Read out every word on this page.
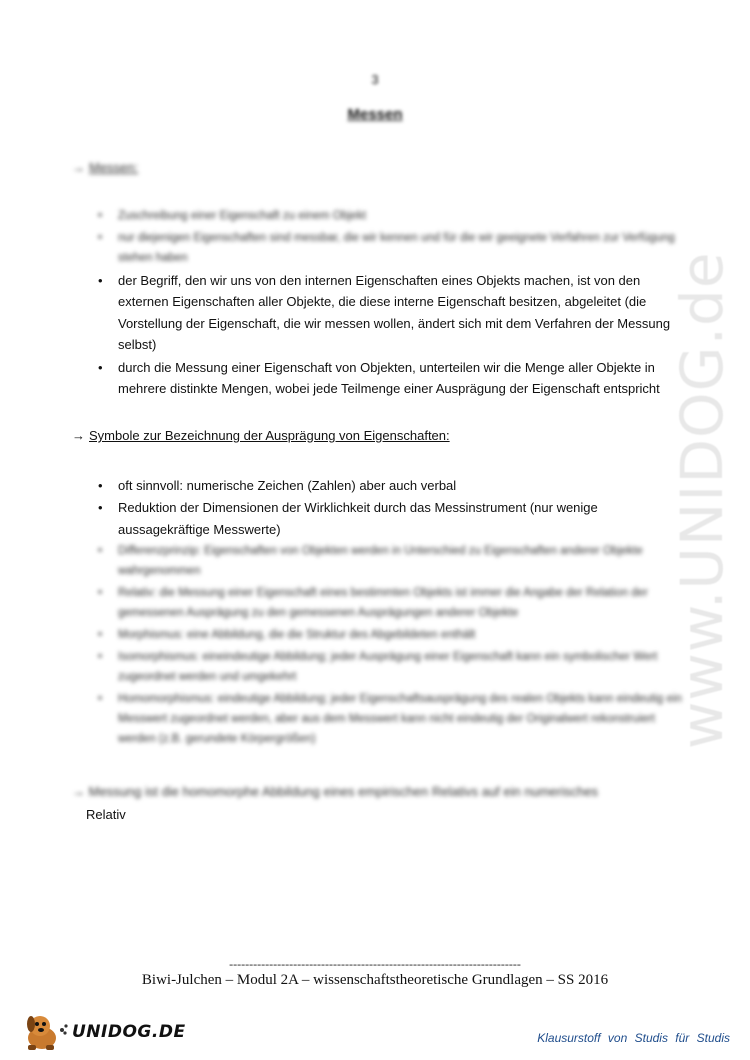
3
Messen
→ Messen:
• Zuschreibung einer Eigenschaft zu einem Objekt
• nur diejenigen Eigenschaften sind messbar, die wir kennen und für die wir geeignete Verfahren zur Verfügung stehen haben
• der Begriff, den wir uns von den internen Eigenschaften eines Objekts machen, ist von den externen Eigenschaften aller Objekte, die diese interne Eigenschaft besitzen, abgeleitet (die Vorstellung der Eigenschaft, die wir messen wollen, ändert sich mit dem Verfahren der Messung selbst)
• durch die Messung einer Eigenschaft von Objekten, unterteilen wir die Menge aller Objekte in mehrere distinkte Mengen, wobei jede Teilmenge einer Ausprägung der Eigenschaft entspricht
→ Symbole zur Bezeichnung der Ausprägung von Eigenschaften:
• oft sinnvoll: numerische Zeichen (Zahlen) aber auch verbal
• Reduktion der Dimensionen der Wirklichkeit durch das Messinstrument (nur wenige aussagekräftige Messwerte)
• Differenzprinzip: Eigenschaften von Objekten werden in Unterschied zu Eigenschaften anderer Objekte wahrgenommen
• Relativ: die Messung einer Eigenschaft eines bestimmten Objekts ist immer die Angabe der Relation der gemessenen Ausprägung zu den gemessenen Ausprägungen anderer Objekte
• Morphismus: eine Abbildung, die die Struktur des Abgebildeten enthält
• Isomorphismus: eineindeutige Abbildung; jeder Ausprägung einer Eigenschaft kann ein symbolischer Wert zugeordnet werden und umgekehrt
• Homomorphismus: eindeutige Abbildung; jeder Eigenschaftsausprägung des realen Objekts kann eindeutig ein Messwert zugeordnet werden, aber aus dem Messwert kann nicht eindeutig der Originalwert rekonstruiert werden (z.B. gerundete Körpergrößen)
→ Messung ist die homomorphe Abbildung eines empirischen Relativs auf ein numerisches
Relativ
www.UNIDOG.de
-------------------------------------------------------------------------
Biwi-Julchen – Modul 2A – wissenschaftstheoretische Grundlagen – SS 2016
UNIDOG.DE	Klausurstoff von Studis für Studis
